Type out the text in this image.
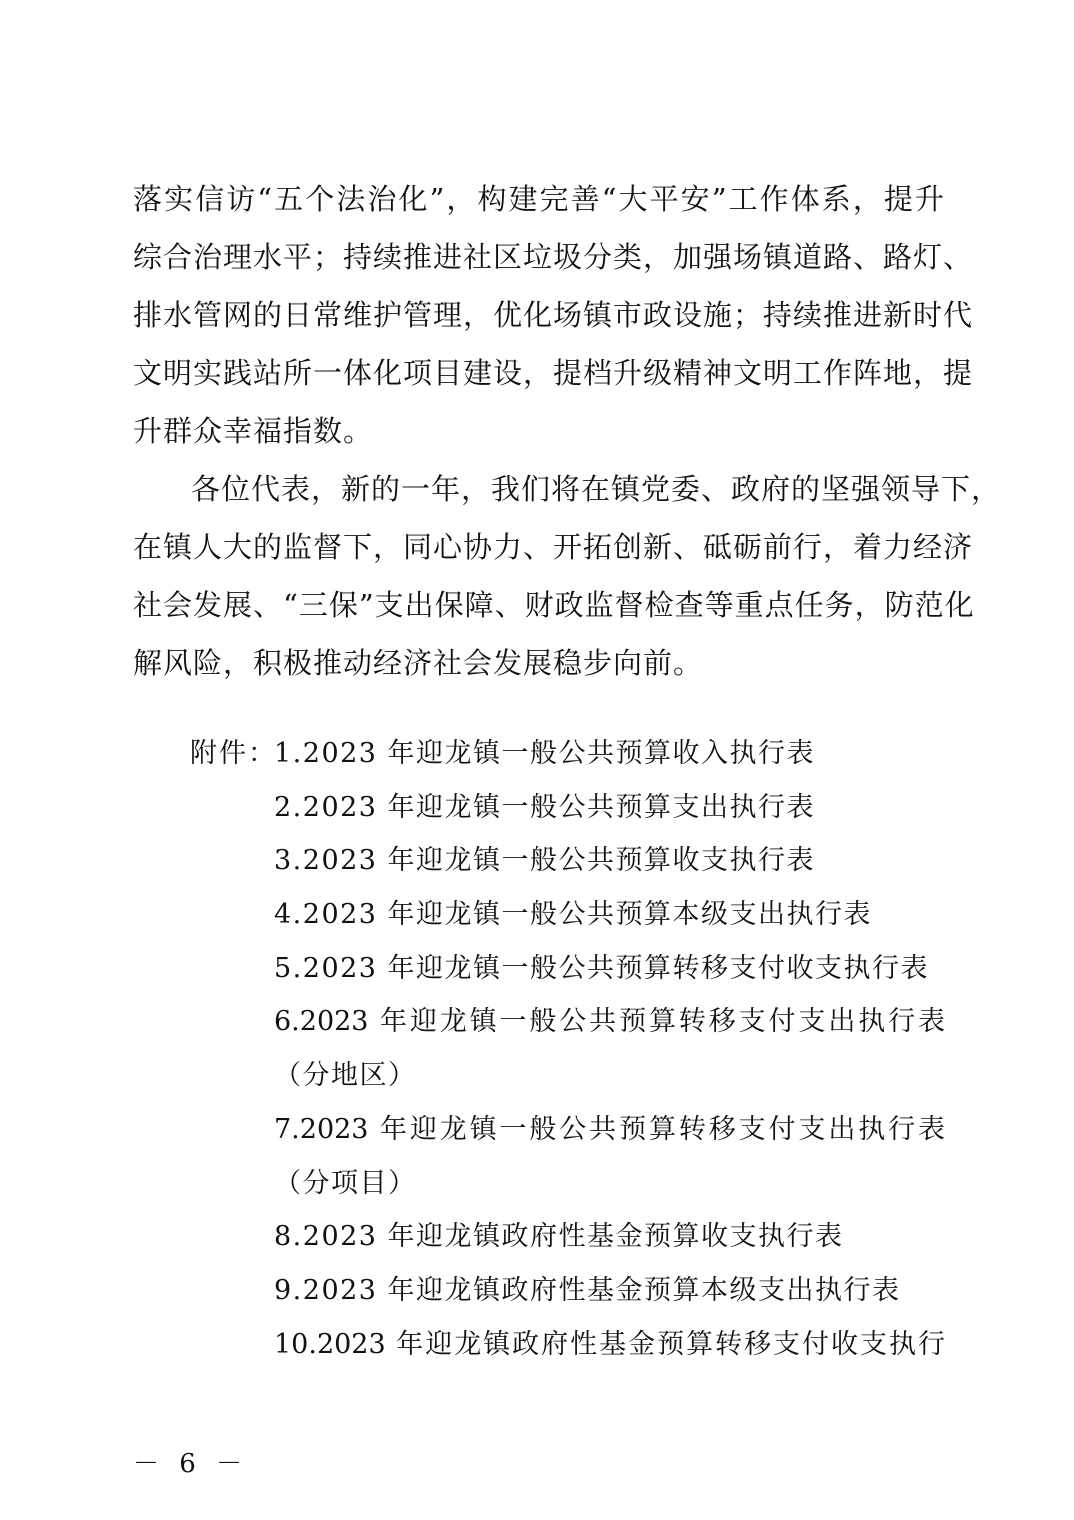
落实信访“五个法治化”，构建完善“大平安”工作体系，提升
综合治理水平；持续推进社区垃圾分类，加强场镇道路、路灯、
排水管网的日常维护管理，优化场镇市政设施；持续推进新时代
文明实践站所一体化项目建设，提档升级精神文明工作阵地，提
升群众幸福指数。
各位代表，新的一年，我们将在镇党委、政府的坚强领导下，
在镇人大的监督下，同心协力、开拓创新、砥砺前行，着力经济
社会发展、“三保”支出保障、财政监督检查等重点任务，防范化
解风险，积极推动经济社会发展稳步向前。
附件：
1.2023 年迎龙镇一般公共预算收入执行表
2.2023 年迎龙镇一般公共预算支出执行表
3.2023 年迎龙镇一般公共预算收支执行表
4.2023 年迎龙镇一般公共预算本级支出执行表
5.2023 年迎龙镇一般公共预算转移支付收支执行表
6.2023 年迎龙镇一般公共预算转移支付支出执行表
（分地区）
7.2023 年迎龙镇一般公共预算转移支付支出执行表
（分项目）
8.2023 年迎龙镇政府性基金预算收支执行表
9.2023 年迎龙镇政府性基金预算本级支出执行表
10.2023 年迎龙镇政府性基金预算转移支付收支执行
－ 6 －
